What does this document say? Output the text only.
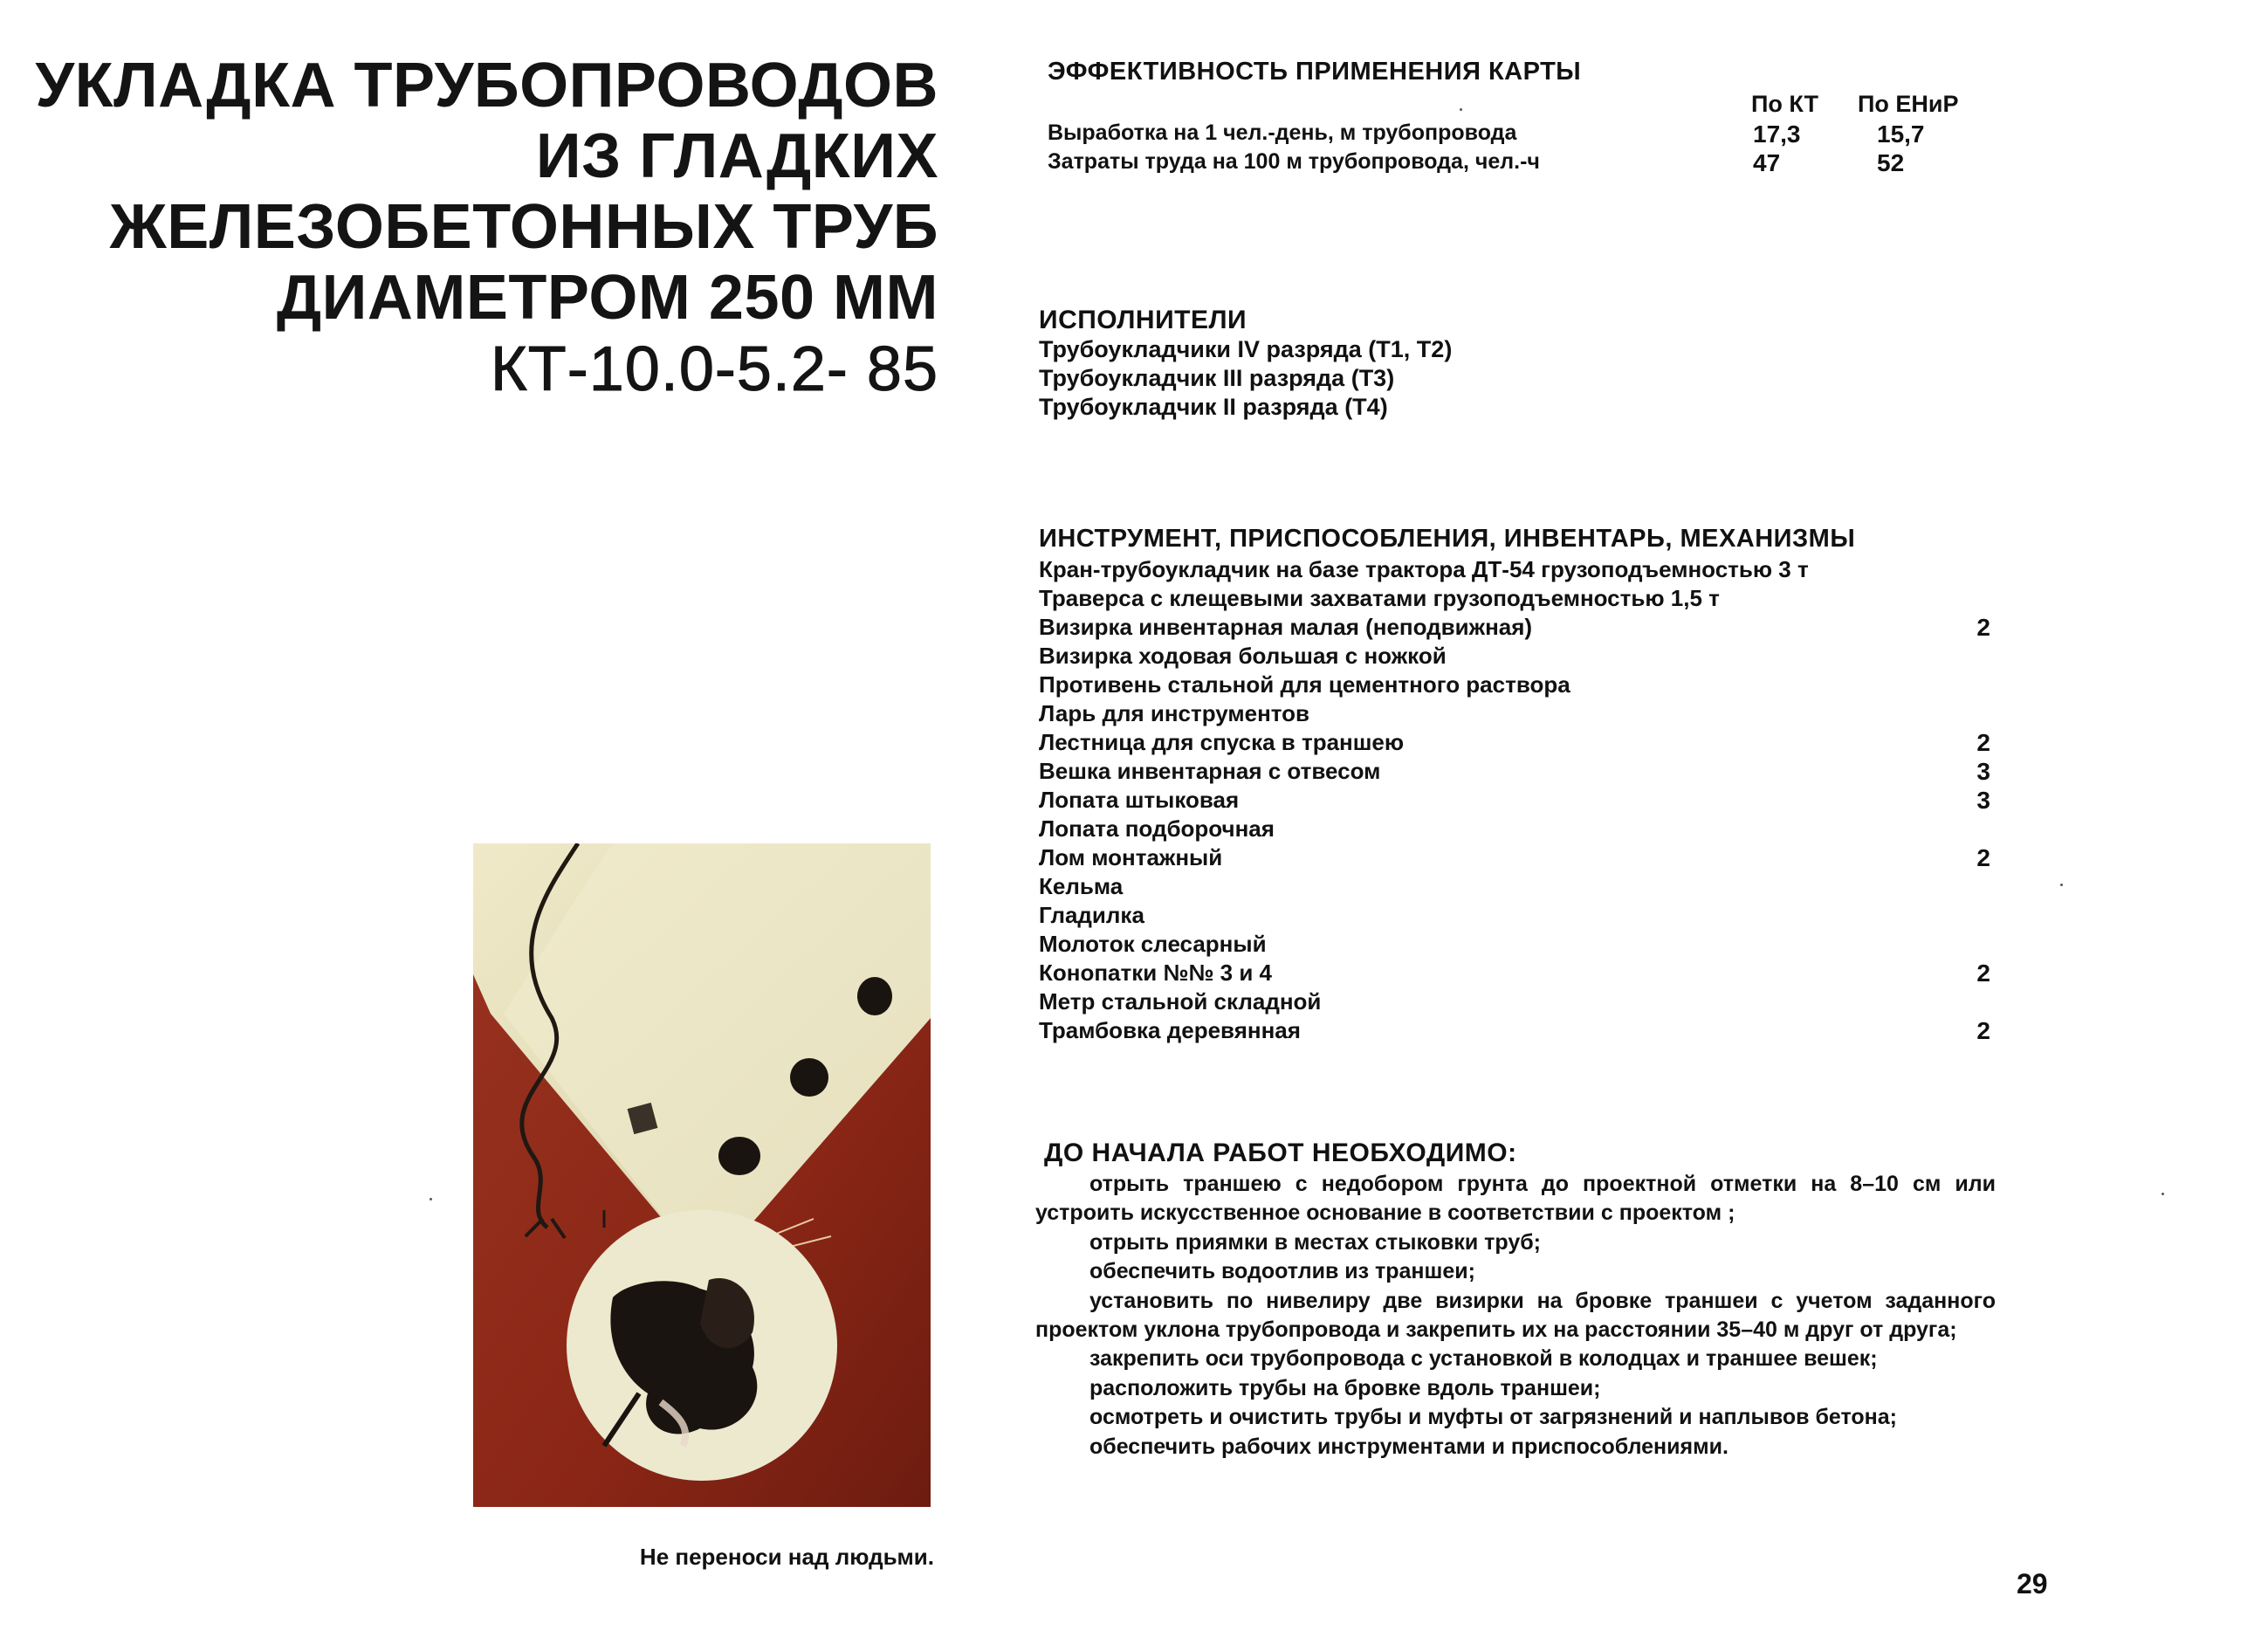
УКЛАДКА ТРУБОПРОВОДОВ
ИЗ ГЛАДКИХ
ЖЕЛЕЗОБЕТОННЫХ ТРУБ
ДИАМЕТРОМ 250 ММ
КТ-10.0-5.2- 85
ЭФФЕКТИВНОСТЬ ПРИМЕНЕНИЯ КАРТЫ
По КТ По ЕНиР
Выработка на 1 чел.-день, м трубопровода	17,3	15,7
Затраты труда на 100 м трубопровода, чел.-ч	47	52
ИСПОЛНИТЕЛИ
Трубоукладчики IV разряда (Т1, Т2)
Трубоукладчик III разряда (Т3)
Трубоукладчик II разряда (Т4)
ИНСТРУМЕНТ, ПРИСПОСОБЛЕНИЯ, ИНВЕНТАРЬ, МЕХАНИЗМЫ
Кран-трубоукладчик на базе трактора ДТ-54 грузоподъемностью 3 т
Траверса с клещевыми захватами грузоподъемностью 1,5 т
Визирка инвентарная малая (неподвижная)	2
Визирка ходовая большая с ножкой
Противень стальной для цементного раствора
Ларь для инструментов
Лестница для спуска в траншею	2
Вешка инвентарная с отвесом	3
Лопата штыковая	3
Лопата подборочная
Лом монтажный	2
Кельма
Гладилка
Молоток слесарный
Конопатки №№ 3 и 4	2
Метр стальной складной
Трамбовка деревянная	2
ДО НАЧАЛА РАБОТ НЕОБХОДИМО:

отрыть траншею с недобором грунта до проектной отметки на 8–10 см или устроить искусственное основание в соответствии с проектом ;

отрыть приямки в местах стыковки труб;

обеспечить водоотлив из траншеи;

установить по нивелиру две визирки на бровке траншеи с учетом заданного проектом уклона трубопровода и закрепить их на расстоянии 35–40 м друг от друга;

закрепить оси трубопровода с установкой в колодцах и траншее вешек;

расположить трубы на бровке вдоль траншеи;

осмотреть и очистить трубы и муфты от загрязнений и наплывов бетона;

обеспечить рабочих инструментами и приспособлениями.

Не переноси над людьми.
29
